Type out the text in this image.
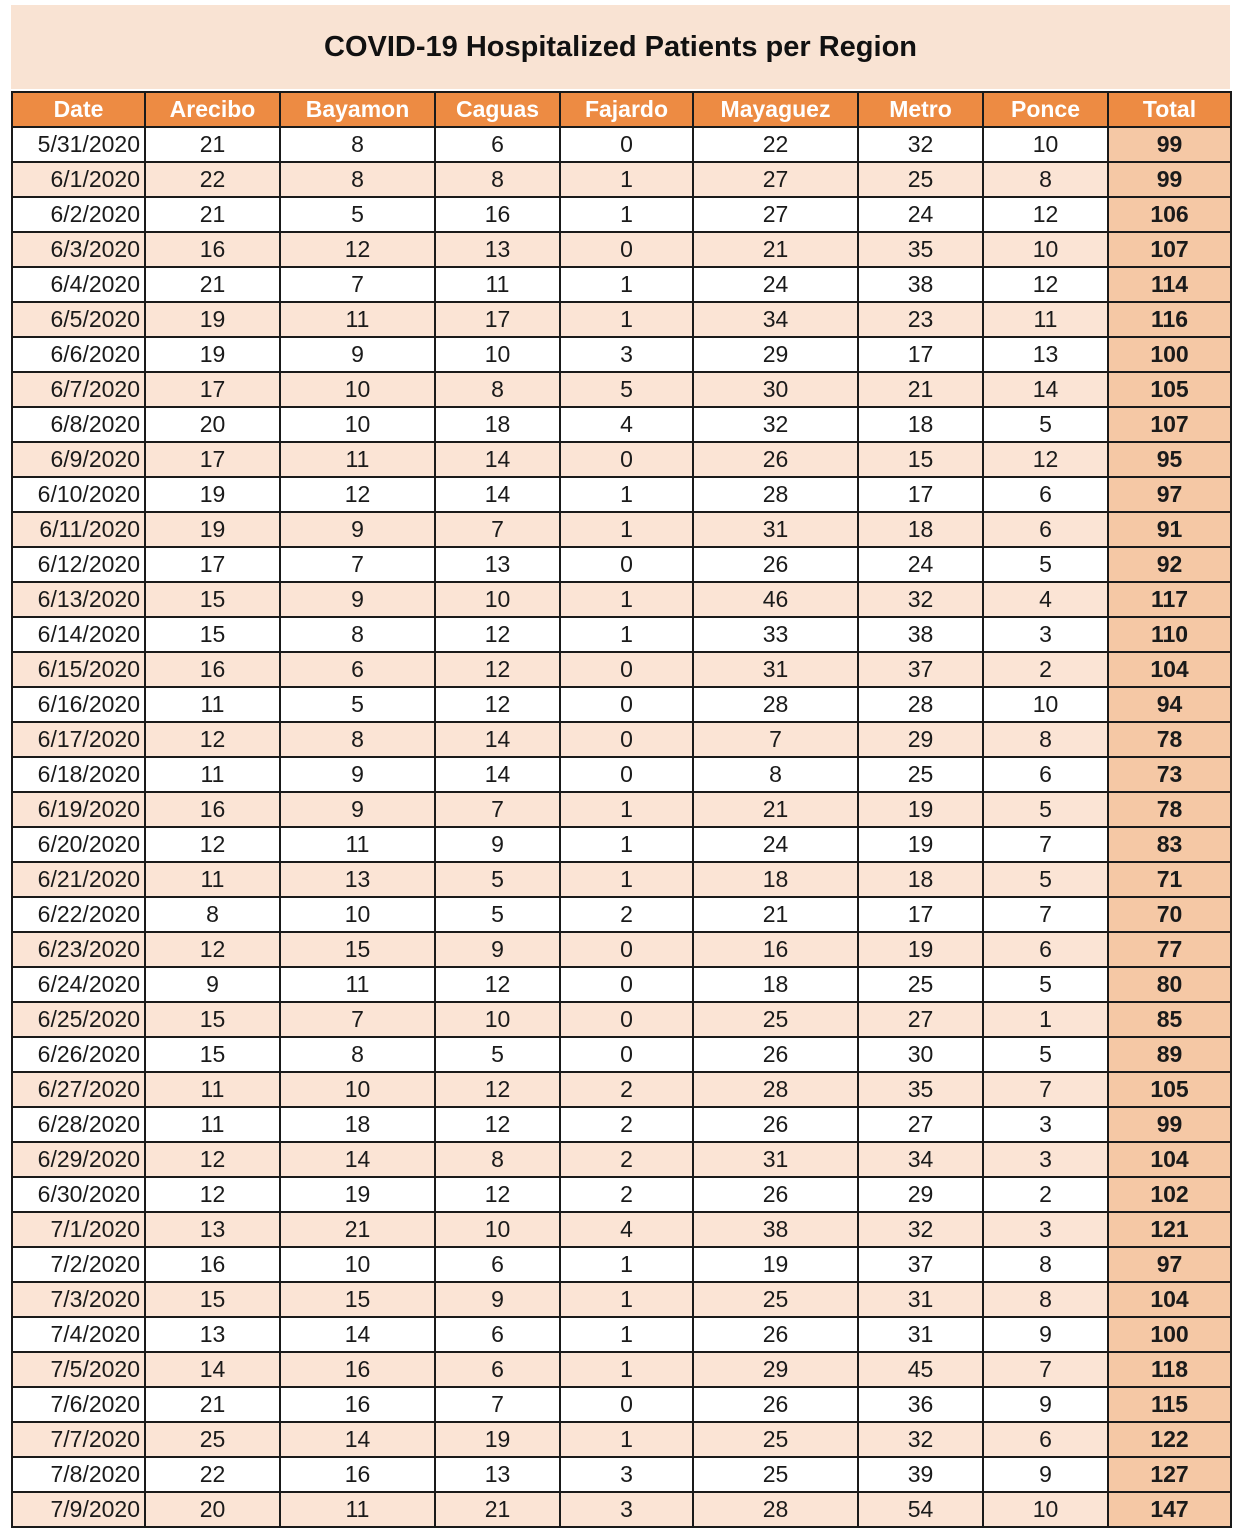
COVID-19 Hospitalized Patients per Region
Date	Arecibo	Bayamon	Caguas	Fajardo	Mayaguez	Metro	Ponce	Total
5/31/2020	21	8	6	0	22	32	10	99
6/1/2020	22	8	8	1	27	25	8	99
6/2/2020	21	5	16	1	27	24	12	106
6/3/2020	16	12	13	0	21	35	10	107
6/4/2020	21	7	11	1	24	38	12	114
6/5/2020	19	11	17	1	34	23	11	116
6/6/2020	19	9	10	3	29	17	13	100
6/7/2020	17	10	8	5	30	21	14	105
6/8/2020	20	10	18	4	32	18	5	107
6/9/2020	17	11	14	0	26	15	12	95
6/10/2020	19	12	14	1	28	17	6	97
6/11/2020	19	9	7	1	31	18	6	91
6/12/2020	17	7	13	0	26	24	5	92
6/13/2020	15	9	10	1	46	32	4	117
6/14/2020	15	8	12	1	33	38	3	110
6/15/2020	16	6	12	0	31	37	2	104
6/16/2020	11	5	12	0	28	28	10	94
6/17/2020	12	8	14	0	7	29	8	78
6/18/2020	11	9	14	0	8	25	6	73
6/19/2020	16	9	7	1	21	19	5	78
6/20/2020	12	11	9	1	24	19	7	83
6/21/2020	11	13	5	1	18	18	5	71
6/22/2020	8	10	5	2	21	17	7	70
6/23/2020	12	15	9	0	16	19	6	77
6/24/2020	9	11	12	0	18	25	5	80
6/25/2020	15	7	10	0	25	27	1	85
6/26/2020	15	8	5	0	26	30	5	89
6/27/2020	11	10	12	2	28	35	7	105
6/28/2020	11	18	12	2	26	27	3	99
6/29/2020	12	14	8	2	31	34	3	104
6/30/2020	12	19	12	2	26	29	2	102
7/1/2020	13	21	10	4	38	32	3	121
7/2/2020	16	10	6	1	19	37	8	97
7/3/2020	15	15	9	1	25	31	8	104
7/4/2020	13	14	6	1	26	31	9	100
7/5/2020	14	16	6	1	29	45	7	118
7/6/2020	21	16	7	0	26	36	9	115
7/7/2020	25	14	19	1	25	32	6	122
7/8/2020	22	16	13	3	25	39	9	127
7/9/2020	20	11	21	3	28	54	10	147
